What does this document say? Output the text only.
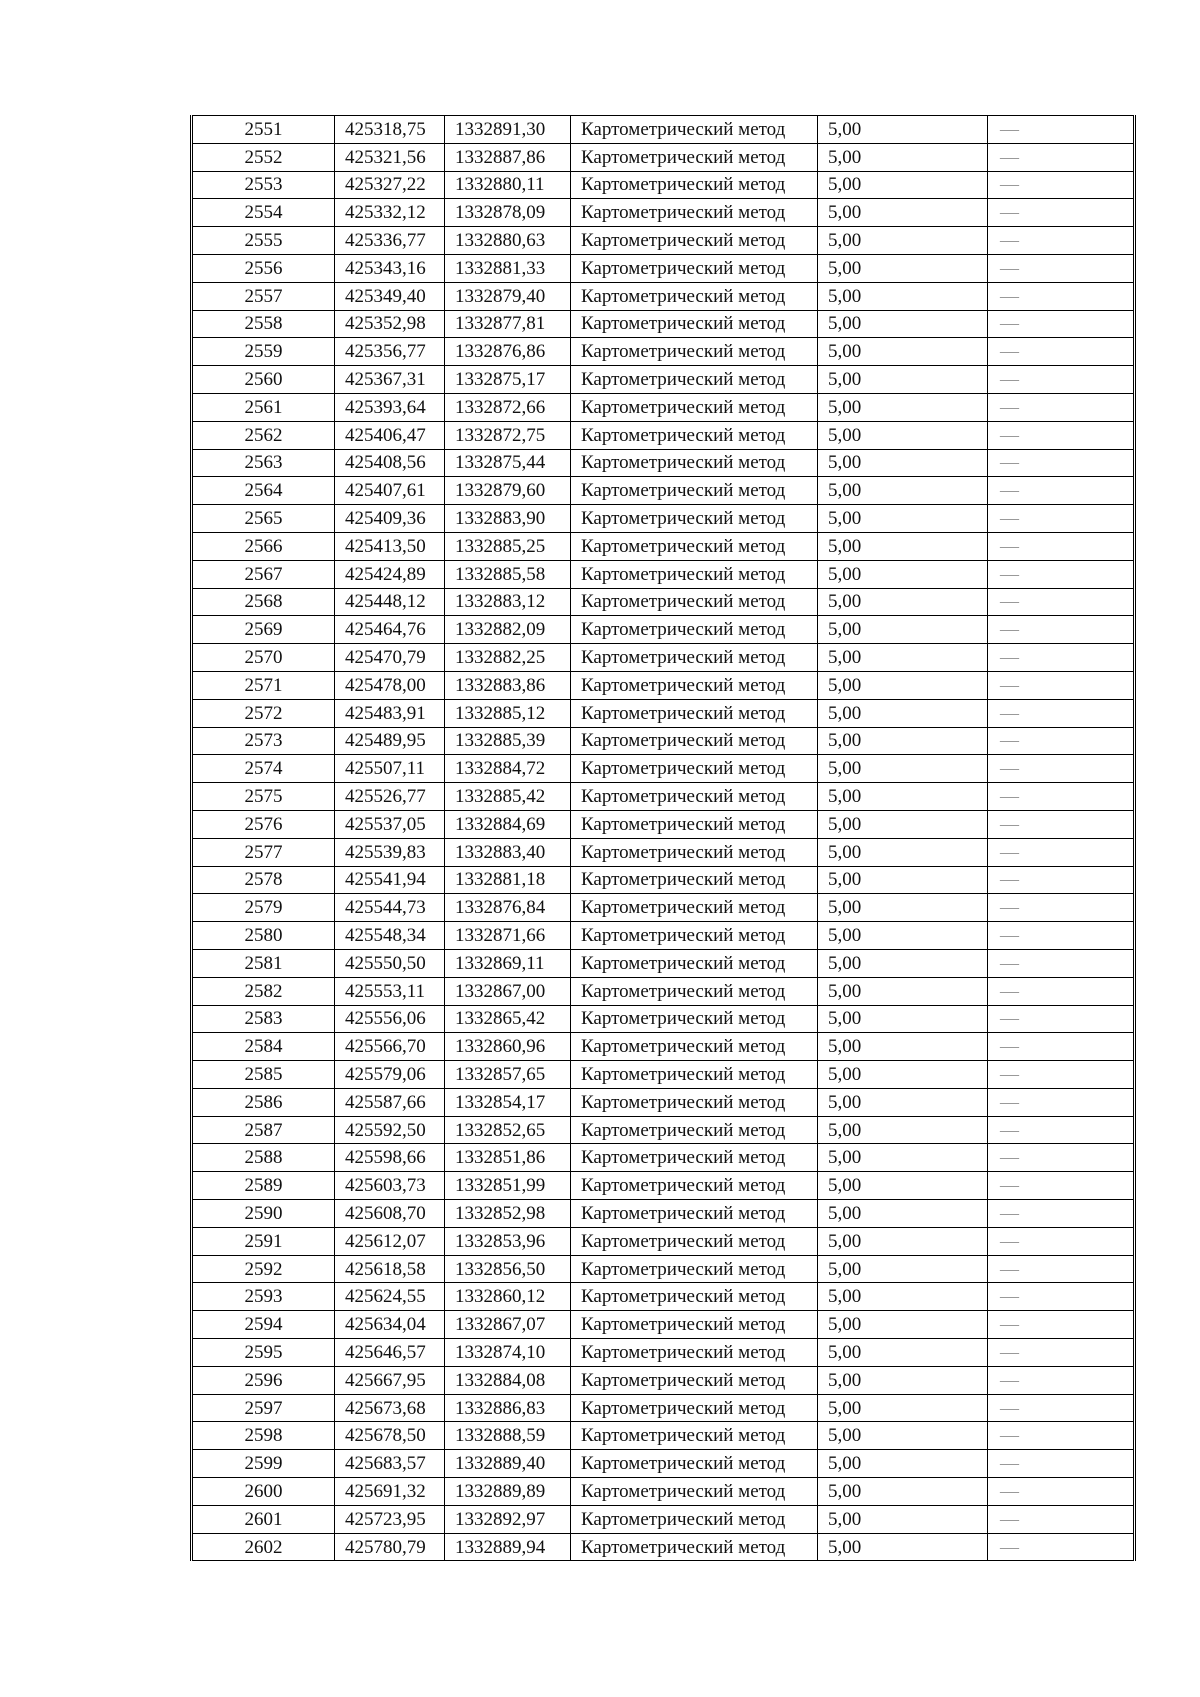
2551	425318,75	1332891,30	Картометрический метод	5,00	—
2552	425321,56	1332887,86	Картометрический метод	5,00	—
2553	425327,22	1332880,11	Картометрический метод	5,00	—
2554	425332,12	1332878,09	Картометрический метод	5,00	—
2555	425336,77	1332880,63	Картометрический метод	5,00	—
2556	425343,16	1332881,33	Картометрический метод	5,00	—
2557	425349,40	1332879,40	Картометрический метод	5,00	—
2558	425352,98	1332877,81	Картометрический метод	5,00	—
2559	425356,77	1332876,86	Картометрический метод	5,00	—
2560	425367,31	1332875,17	Картометрический метод	5,00	—
2561	425393,64	1332872,66	Картометрический метод	5,00	—
2562	425406,47	1332872,75	Картометрический метод	5,00	—
2563	425408,56	1332875,44	Картометрический метод	5,00	—
2564	425407,61	1332879,60	Картометрический метод	5,00	—
2565	425409,36	1332883,90	Картометрический метод	5,00	—
2566	425413,50	1332885,25	Картометрический метод	5,00	—
2567	425424,89	1332885,58	Картометрический метод	5,00	—
2568	425448,12	1332883,12	Картометрический метод	5,00	—
2569	425464,76	1332882,09	Картометрический метод	5,00	—
2570	425470,79	1332882,25	Картометрический метод	5,00	—
2571	425478,00	1332883,86	Картометрический метод	5,00	—
2572	425483,91	1332885,12	Картометрический метод	5,00	—
2573	425489,95	1332885,39	Картометрический метод	5,00	—
2574	425507,11	1332884,72	Картометрический метод	5,00	—
2575	425526,77	1332885,42	Картометрический метод	5,00	—
2576	425537,05	1332884,69	Картометрический метод	5,00	—
2577	425539,83	1332883,40	Картометрический метод	5,00	—
2578	425541,94	1332881,18	Картометрический метод	5,00	—
2579	425544,73	1332876,84	Картометрический метод	5,00	—
2580	425548,34	1332871,66	Картометрический метод	5,00	—
2581	425550,50	1332869,11	Картометрический метод	5,00	—
2582	425553,11	1332867,00	Картометрический метод	5,00	—
2583	425556,06	1332865,42	Картометрический метод	5,00	—
2584	425566,70	1332860,96	Картометрический метод	5,00	—
2585	425579,06	1332857,65	Картометрический метод	5,00	—
2586	425587,66	1332854,17	Картометрический метод	5,00	—
2587	425592,50	1332852,65	Картометрический метод	5,00	—
2588	425598,66	1332851,86	Картометрический метод	5,00	—
2589	425603,73	1332851,99	Картометрический метод	5,00	—
2590	425608,70	1332852,98	Картометрический метод	5,00	—
2591	425612,07	1332853,96	Картометрический метод	5,00	—
2592	425618,58	1332856,50	Картометрический метод	5,00	—
2593	425624,55	1332860,12	Картометрический метод	5,00	—
2594	425634,04	1332867,07	Картометрический метод	5,00	—
2595	425646,57	1332874,10	Картометрический метод	5,00	—
2596	425667,95	1332884,08	Картометрический метод	5,00	—
2597	425673,68	1332886,83	Картометрический метод	5,00	—
2598	425678,50	1332888,59	Картометрический метод	5,00	—
2599	425683,57	1332889,40	Картометрический метод	5,00	—
2600	425691,32	1332889,89	Картометрический метод	5,00	—
2601	425723,95	1332892,97	Картометрический метод	5,00	—
2602	425780,79	1332889,94	Картометрический метод	5,00	—
